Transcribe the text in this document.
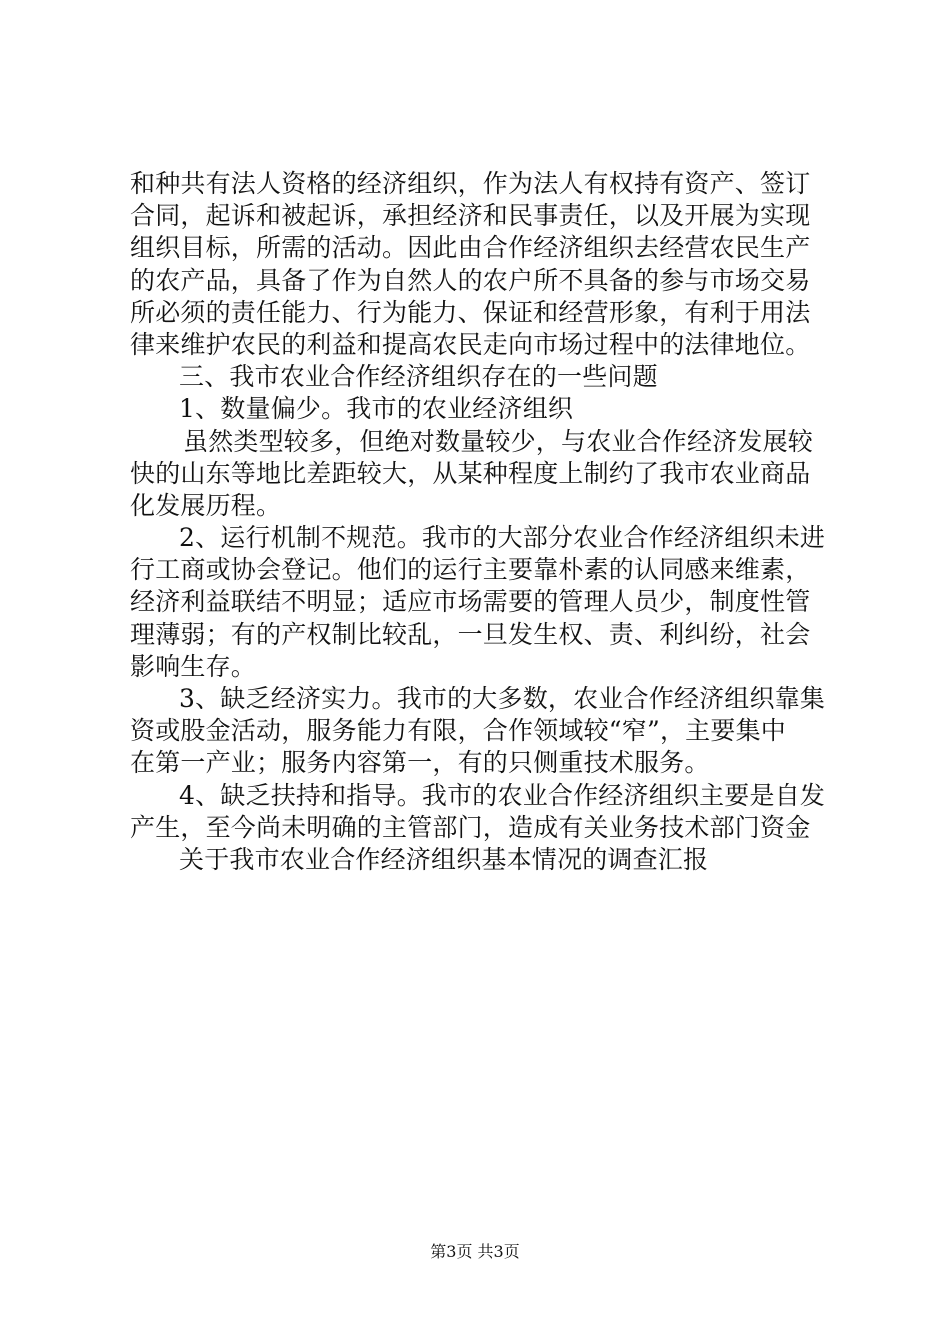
和种共有法人资格的经济组织，作为法人有权持有资产、签订
合同，起诉和被起诉，承担经济和民事责任，以及开展为实现
组织目标，所需的活动。因此由合作经济组织去经营农民生产
的农产品，具备了作为自然人的农户所不具备的参与市场交易
所必须的责任能力、行为能力、保证和经营形象，有利于用法
律来维护农民的利益和提高农民走向市场过程中的法律地位。
三、我市农业合作经济组织存在的一些问题
1、数量偏少。我市的农业经济组织
虽然类型较多，但绝对数量较少，与农业合作经济发展较
快的山东等地比差距较大，从某种程度上制约了我市农业商品
化发展历程。
2、运行机制不规范。我市的大部分农业合作经济组织未进
行工商或协会登记。他们的运行主要靠朴素的认同感来维素，
经济利益联结不明显；适应市场需要的管理人员少，制度性管
理薄弱；有的产权制比较乱，一旦发生权、责、利纠纷，社会
影响生存。
3、缺乏经济实力。我市的大多数，农业合作经济组织靠集
资或股金活动，服务能力有限，合作领域较“窄”，主要集中
在第一产业；服务内容第一，有的只侧重技术服务。
4、缺乏扶持和指导。我市的农业合作经济组织主要是自发
产生，至今尚未明确的主管部门，造成有关业务技术部门资金
关于我市农业合作经济组织基本情况的调查汇报
第3页 共3页
